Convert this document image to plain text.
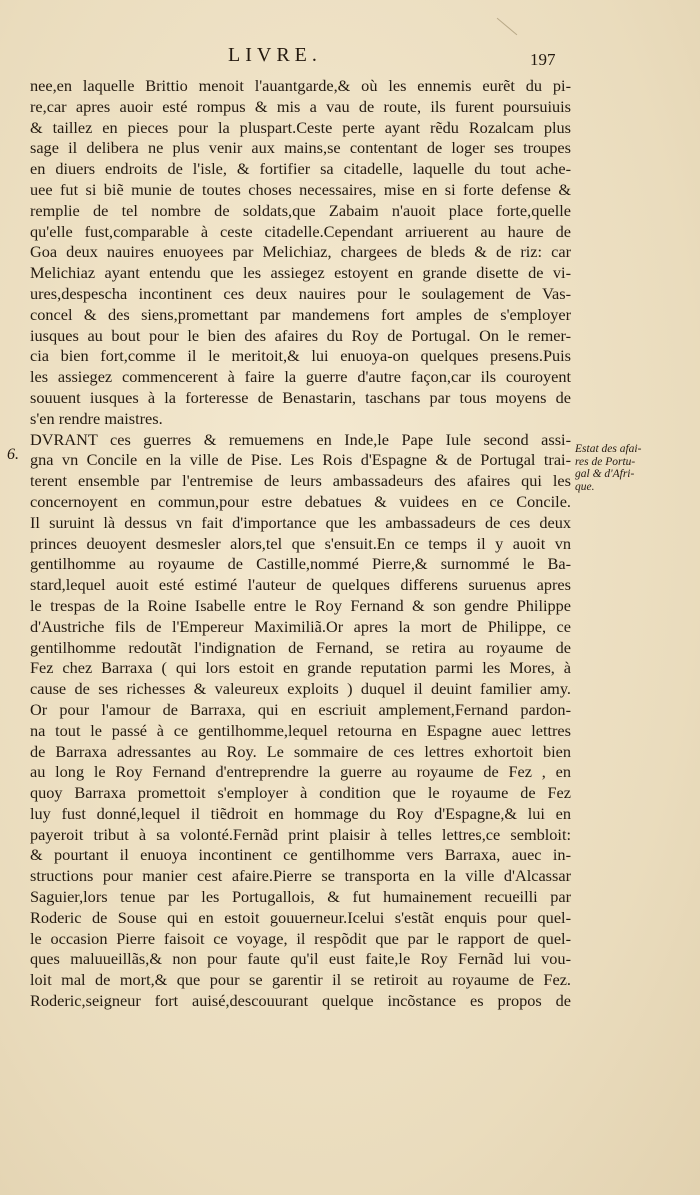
LIVRE.	197
6.	Estat des afai-
res de Portu-
gal & d'Afri-
que.
nee,en laquelle Brittio menoit l'auantgarde,& où les ennemis eurẽt du pi-
re,car apres auoir esté rompus & mis a vau de route, ils furent poursuiuis
& taillez en pieces pour la pluspart.Ceste perte ayant rẽdu Rozalcam plus
sage il delibera ne plus venir aux mains,se contentant de loger ses troupes
en diuers endroits de l'isle, & fortifier sa citadelle, laquelle du tout ache-
uee fut si biẽ munie de toutes choses necessaires, mise en si forte defense &
remplie de tel nombre de soldats,que Zabaim n'auoit place forte,quelle
qu'elle fust,comparable à ceste citadelle.Cependant arriuerent au haure de
Goa deux nauires enuoyees par Melichiaz, chargees de bleds & de riz: car
Melichiaz ayant entendu que les assiegez estoyent en grande disette de vi-
ures,despescha incontinent ces deux nauires pour le soulagement de Vas-
concel & des siens,promettant par mandemens fort amples de s'employer
iusques au bout pour le bien des afaires du Roy de Portugal. On le remer-
cia bien fort,comme il le meritoit,& lui enuoya-on quelques presens.Puis
les assiegez commencerent à faire la guerre d'autre façon,car ils couroyent
souuent iusques à la forteresse de Benastarin, taschans par tous moyens de
s'en rendre maistres.
DVRANT ces guerres & remuemens en Inde,le Pape Iule second assi-
gna vn Concile en la ville de Pise. Les Rois d'Espagne & de Portugal trai-
terent ensemble par l'entremise de leurs ambassadeurs des afaires qui les
concernoyent en commun,pour estre debatues & vuidees en ce Concile.
Il suruint là dessus vn fait d'importance que les ambassadeurs de ces deux
princes deuoyent desmesler alors,tel que s'ensuit.En ce temps il y auoit vn
gentilhomme au royaume de Castille,nommé Pierre,& surnommé le Ba-
stard,lequel auoit esté estimé l'auteur de quelques differens suruenus apres
le trespas de la Roine Isabelle entre le Roy Fernand & son gendre Philippe
d'Austriche fils de l'Empereur Maximiliã.Or apres la mort de Philippe, ce
gentilhomme redoutãt l'indignation de Fernand, se retira au royaume de
Fez chez Barraxa ( qui lors estoit en grande reputation parmi les Mores, à
cause de ses richesses & valeureux exploits ) duquel il deuint familier amy.
Or pour l'amour de Barraxa, qui en escriuit amplement,Fernand pardon-
na tout le passé à ce gentilhomme,lequel retourna en Espagne auec lettres
de Barraxa adressantes au Roy. Le sommaire de ces lettres exhortoit bien
au long le Roy Fernand d'entreprendre la guerre au royaume de Fez , en
quoy Barraxa promettoit s'employer à condition que le royaume de Fez
luy fust donné,lequel il tiẽdroit en hommage du Roy d'Espagne,& lui en
payeroit tribut à sa volonté.Fernãd print plaisir à telles lettres,ce sembloit:
& pourtant il enuoya incontinent ce gentilhomme vers Barraxa, auec in-
structions pour manier cest afaire.Pierre se transporta en la ville d'Alcassar
Saguier,lors tenue par les Portugallois, & fut humainement recueilli par
Roderic de Souse qui en estoit gouuerneur.Icelui s'estãt enquis pour quel-
le occasion Pierre faisoit ce voyage, il respõdit que par le rapport de quel-
ques maluueillãs,& non pour faute qu'il eust faite,le Roy Fernãd lui vou-
loit mal de mort,& que pour se garentir il se retiroit au royaume de Fez.
Roderic,seigneur fort auisé,descouurant quelque incõstance es propos de
